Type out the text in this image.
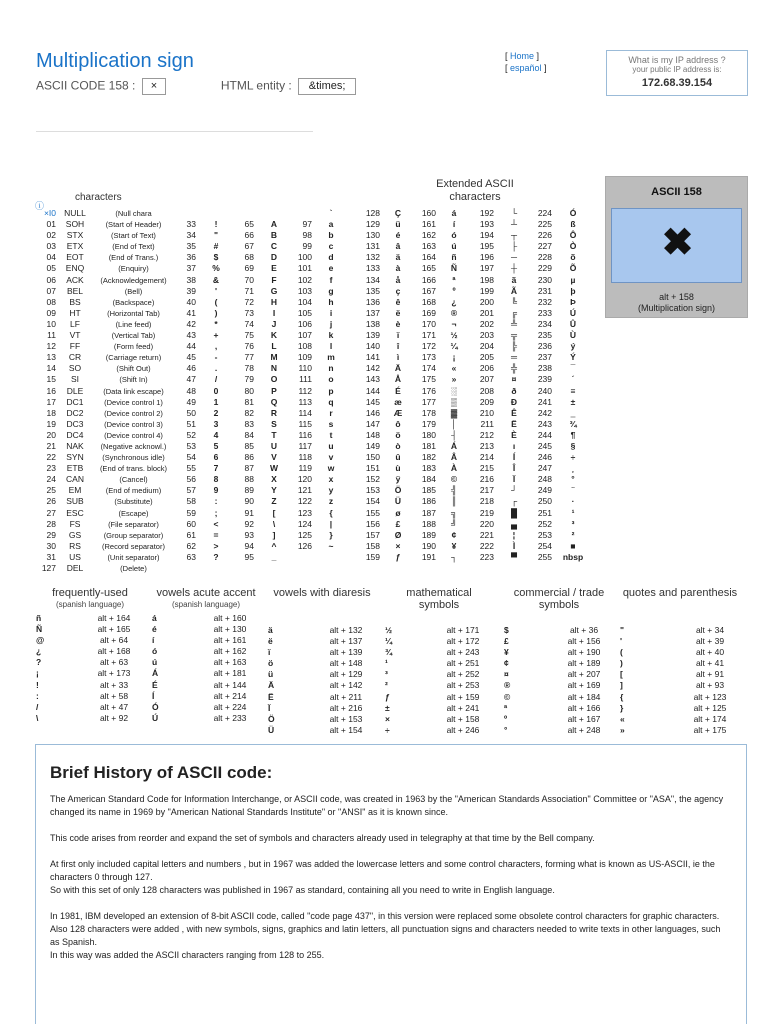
Multiplication sign
ASCII CODE 158 : ×	HTML entity : &times;
[ Home ]
[ español ]
What is my IP address ?
your public IP address is:
172.68.39.154
characters
ⓘ
Extended ASCII characters
×I0 NULL	(Null chara
01	SOH	(Start of Header)
02	STX	(Start of Text)
03	ETX	(End of Text)
04	EOT	(End of Trans.)
05	ENQ	(Enquiry)
06	ACK	(Acknowledgement)
07	BEL	(Bell)
08	BS	(Backspace)
09	HT	(Horizontal Tab)
10	LF	(Line feed)
11	VT	(Vertical Tab)
12	FF	(Form feed)
13	CR	(Carriage return)
14	SO	(Shift Out)
15	SI	(Shift In)
16	DLE	(Data link escape)
17	DC1	(Device control 1)
18	DC2	(Device control 2)
19	DC3	(Device control 3)
20	DC4	(Device control 4)
21	NAK	(Negative acknowl.)
22	SYN	(Synchronous idle)
23	ETB	(End of trans. block)
24	CAN	(Cancel)
25	EM	(End of medium)
26	SUB	(Substitute)
27	ESC	(Escape)
28	FS	(File separator)
29	GS	(Group separator)
30	RS	(Record separator)
31	US	(Unit separator)
127	DEL	(Delete)
`
33	!	65	A	97	a
34	"	66	B	98	b
35	#	67	C	99	c
36	$	68	D	100	d
37	%	69	E	101	e
38	&	70	F	102	f
39	'	71	G	103	g
40	(	72	H	104	h
41	)	73	I	105	i
42	*	74	J	106	j
43	+	75	K	107	k
44	,	76	L	108	l
45	-	77	M	109	m
46	.	78	N	110	n
47	/	79	O	111	o
48	0	80	P	112	p
49	1	81	Q	113	q
50	2	82	R	114	r
51	3	83	S	115	s
52	4	84	T	116	t
53	5	85	U	117	u
54	6	86	V	118	v
55	7	87	W	119	w
56	8	88	X	120	x
57	9	89	Y	121	y
58	:	90	Z	122	z
59	;	91	[	123	{
60	<	92	\	124	|
61	=	93	]	125	}
62	>	94	^	126	~
63	?	95	_
128	Ç	160	á	192	└	224	Ó
129	ü	161	í	193	┴	225	ß
130	é	162	ó	194	┬	226	Ô
131	â	163	ú	195	├	227	Ò
132	ä	164	ñ	196	─	228	õ
133	à	165	Ñ	197	┼	229	Õ
134	å	166	ª	198	ã	230	µ
135	ç	167	º	199	Ã	231	þ
136	ê	168	¿	200	╚	232	Þ
137	ë	169	®	201	╔	233	Ú
138	è	170	¬	202	╩	234	Û
139	ï	171	½	203	╦	235	Ù
140	î	172	¼	204	╠	236	ý
141	ì	173	¡	205	═	237	Ý
142	Ä	174	«	206	╬	238	¯
143	Å	175	»	207	¤	239	´
144	É	176	░	208	ð	240	≡
145	æ	177	▒	209	Ð	241	±
146	Æ	178	▓	210	Ê	242	‗
147	ô	179	│	211	Ë	243	¾
148	ö	180	┤	212	È	244	¶
149	ò	181	Á	213	ı	245	§
150	û	182	Â	214	Í	246	÷
151	ù	183	À	215	Î	247	¸
152	ÿ	184	©	216	Ï	248	°
153	Ö	185	╣	217	┘	249	¨
154	Ü	186	║	218	┌	250	·
155	ø	187	╗	219	█	251	¹
156	£	188	╝	220	▄	252	³
157	Ø	189	¢	221	¦	253	²
158	×	190	¥	222	Ì	254	■
159	ƒ	191	┐	223	▀	255 nbsp
ASCII 158
✖
alt + 158
(Multiplication sign)
frequently-used
(spanish language)
ñ	alt + 164
Ñ	alt + 165
@	alt + 64
¿	alt + 168
?	alt + 63
¡	alt + 173
!	alt + 33
:	alt + 58
/	alt + 47
\	alt + 92
vowels acute accent
(spanish language)
á	alt + 160
é	alt + 130
í	alt + 161
ó	alt + 162
ú	alt + 163
Á	alt + 181
É	alt + 144
Í	alt + 214
Ó	alt + 224
Ú	alt + 233
vowels with diaresis
ä	alt + 132
ë	alt + 137
ï	alt + 139
ö	alt + 148
ü	alt + 129
Ä	alt + 142
Ë	alt + 211
Ï	alt + 216
Ö	alt + 153
Ü	alt + 154
mathematical symbols
½	alt + 171
¼	alt + 172
¾	alt + 243
¹	alt + 251
³	alt + 252
²	alt + 253
ƒ	alt + 159
±	alt + 241
×	alt + 158
÷	alt + 246
commercial / trade symbols
$	alt + 36
£	alt + 156
¥	alt + 190
¢	alt + 189
¤	alt + 207
®	alt + 169
©	alt + 184
ª	alt + 166
º	alt + 167
°	alt + 248
quotes and parenthesis
"	alt + 34
'	alt + 39
(	alt + 40
)	alt + 41
[	alt + 91
]	alt + 93
{	alt + 123
}	alt + 125
«	alt + 174
»	alt + 175
Brief History of ASCII code:

The American Standard Code for Information Interchange, or ASCII code, was created in 1963 by the "American Standards Association" Committee or "ASA", the agency changed its name in 1969 by "American National Standards Institute" or "ANSI" as it is known since.

This code arises from reorder and expand the set of symbols and characters already used in telegraphy at that time by the Bell company.

At first only included capital letters and numbers , but in 1967 was added the lowercase letters and some control characters, forming what is known as US-ASCII, ie the characters 0 through 127.
So with this set of only 128 characters was published in 1967 as standard, containing all you need to write in English language.

In 1981, IBM developed an extension of 8-bit ASCII code, called "code page 437", in this version were replaced some obsolete control characters for graphic characters. Also 128 characters were added , with new symbols, signs, graphics and latin letters, all punctuation signs and characters needed to write texts in other languages, such as Spanish.
In this way was added the ASCII characters ranging from 128 to 255.
